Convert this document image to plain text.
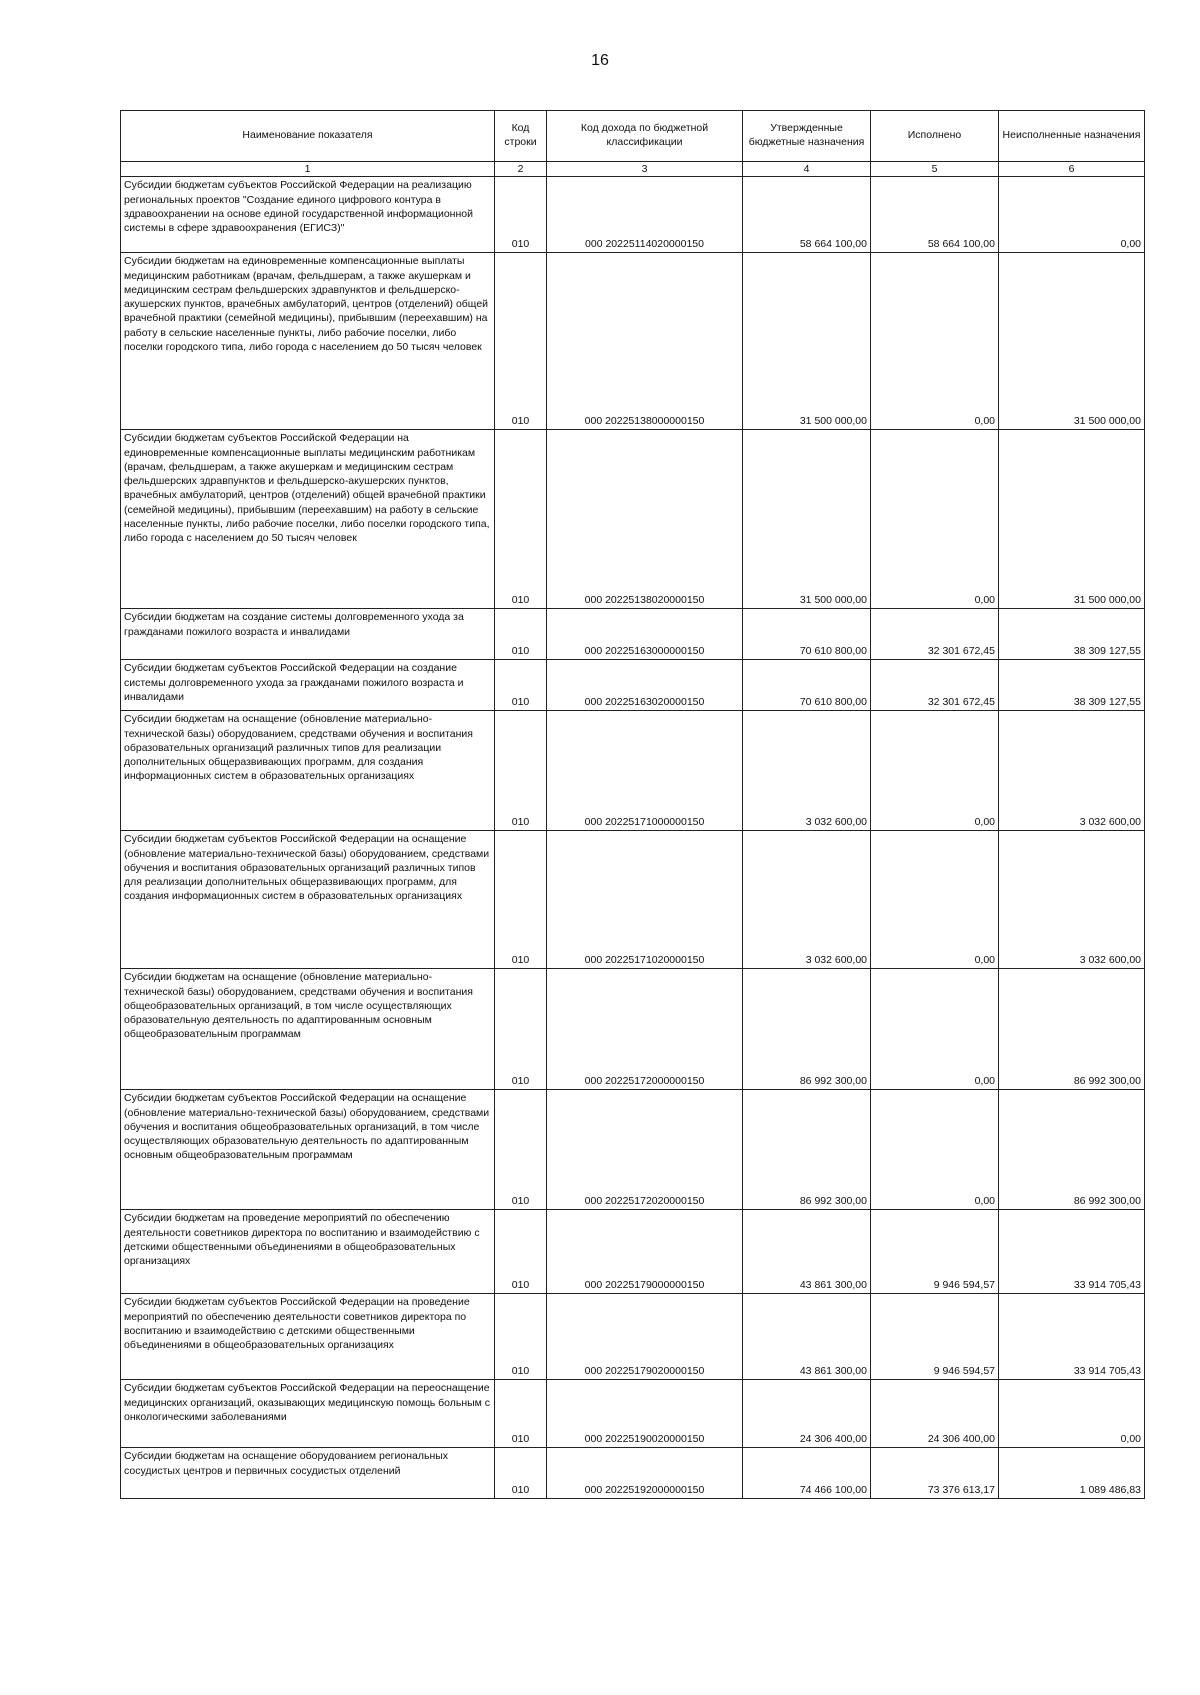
16
Наименование показателя	Код строки	Код дохода по бюджетной классификации	Утвержденные бюджетные назначения	Исполнено	Неисполненные назначения
1	2	3	4	5	6
Субсидии бюджетам субъектов Российской Федерации на реализацию региональных проектов "Создание единого цифрового контура в здравоохранении на основе единой государственной информационной системы в сфере здравоохранения (ЕГИСЗ)"	010	000 20225114020000150	58 664 100,00	58 664 100,00	0,00
Субсидии бюджетам на единовременные компенсационные выплаты медицинским работникам (врачам, фельдшерам, а также акушеркам и медицинским сестрам фельдшерских здравпунктов и фельдшерско-акушерских пунктов, врачебных амбулаторий, центров (отделений) общей врачебной практики (семейной медицины), прибывшим (переехавшим) на работу в сельские населенные пункты, либо рабочие поселки, либо поселки городского типа, либо города с населением до 50 тысяч человек	010	000 20225138000000150	31 500 000,00	0,00	31 500 000,00
Субсидии бюджетам субъектов Российской Федерации на единовременные компенсационные выплаты медицинским работникам (врачам, фельдшерам, а также акушеркам и медицинским сестрам фельдшерских здравпунктов и фельдшерско-акушерских пунктов, врачебных амбулаторий, центров (отделений) общей врачебной практики (семейной медицины), прибывшим (переехавшим) на работу в сельские населенные пункты, либо рабочие поселки, либо поселки городского типа, либо города с населением до 50 тысяч человек	010	000 20225138020000150	31 500 000,00	0,00	31 500 000,00
Субсидии бюджетам на создание системы долговременного ухода за гражданами пожилого возраста и инвалидами	010	000 20225163000000150	70 610 800,00	32 301 672,45	38 309 127,55
Субсидии бюджетам субъектов Российской Федерации на создание системы долговременного ухода за гражданами пожилого возраста и инвалидами	010	000 20225163020000150	70 610 800,00	32 301 672,45	38 309 127,55
Субсидии бюджетам на оснащение (обновление материально-технической базы) оборудованием, средствами обучения и воспитания образовательных организаций различных типов для реализации дополнительных общеразвивающих программ, для создания информационных систем в образовательных организациях	010	000 20225171000000150	3 032 600,00	0,00	3 032 600,00
Субсидии бюджетам субъектов Российской Федерации на оснащение (обновление материально-технической базы) оборудованием, средствами обучения и воспитания образовательных организаций различных типов для реализации дополнительных общеразвивающих программ, для создания информационных систем в образовательных организациях	010	000 20225171020000150	3 032 600,00	0,00	3 032 600,00
Субсидии бюджетам на оснащение (обновление материально-технической базы) оборудованием, средствами обучения и воспитания общеобразовательных организаций, в том числе осуществляющих образовательную деятельность по адаптированным основным общеобразовательным программам	010	000 20225172000000150	86 992 300,00	0,00	86 992 300,00
Субсидии бюджетам субъектов Российской Федерации на оснащение (обновление материально-технической базы) оборудованием, средствами обучения и воспитания общеобразовательных организаций, в том числе осуществляющих образовательную деятельность по адаптированным основным общеобразовательным программам	010	000 20225172020000150	86 992 300,00	0,00	86 992 300,00
Субсидии бюджетам на проведение мероприятий по обеспечению деятельности советников директора по воспитанию и взаимодействию с детскими общественными объединениями в общеобразовательных организациях	010	000 20225179000000150	43 861 300,00	9 946 594,57	33 914 705,43
Субсидии бюджетам субъектов Российской Федерации на проведение мероприятий по обеспечению деятельности советников директора по воспитанию и взаимодействию с детскими общественными объединениями в общеобразовательных организациях	010	000 20225179020000150	43 861 300,00	9 946 594,57	33 914 705,43
Субсидии бюджетам субъектов Российской Федерации на переоснащение медицинских организаций, оказывающих медицинскую помощь больным с онкологическими заболеваниями	010	000 20225190020000150	24 306 400,00	24 306 400,00	0,00
Субсидии бюджетам на оснащение оборудованием региональных сосудистых центров и первичных сосудистых отделений	010	000 20225192000000150	74 466 100,00	73 376 613,17	1 089 486,83
